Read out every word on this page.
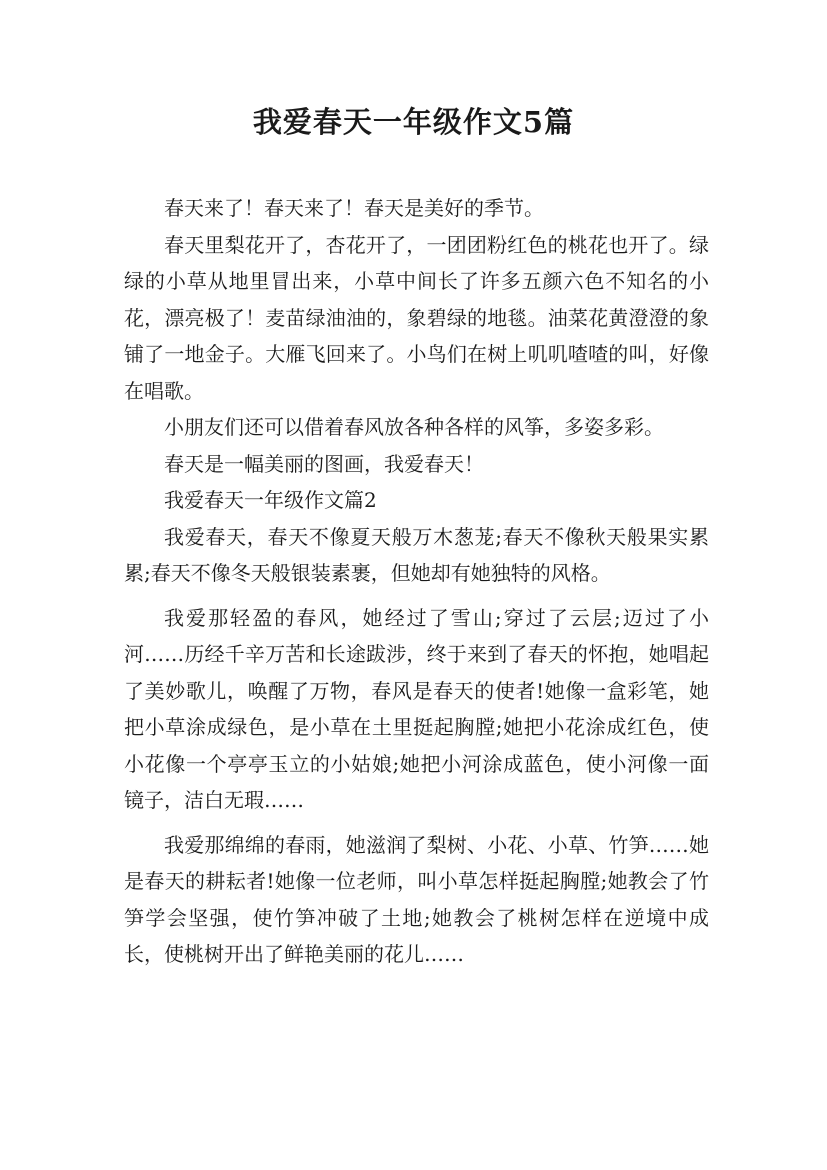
我爱春天一年级作文5篇

春天来了！春天来了！春天是美好的季节。

春天里梨花开了，杏花开了，一团团粉红色的桃花也开了。绿绿的小草从地里冒出来，小草中间长了许多五颜六色不知名的小花，漂亮极了！麦苗绿油油的，象碧绿的地毯。油菜花黄澄澄的象铺了一地金子。大雁飞回来了。小鸟们在树上叽叽喳喳的叫，好像在唱歌。

小朋友们还可以借着春风放各种各样的风筝，多姿多彩。

春天是一幅美丽的图画，我爱春天！

我爱春天一年级作文篇2

我爱春天，春天不像夏天般万木葱茏;春天不像秋天般果实累累;春天不像冬天般银装素裹，但她却有她独特的风格。

我爱那轻盈的春风，她经过了雪山;穿过了云层;迈过了小河……历经千辛万苦和长途跋涉，终于来到了春天的怀抱，她唱起了美妙歌儿，唤醒了万物，春风是春天的使者!她像一盒彩笔，她把小草涂成绿色，是小草在土里挺起胸膛;她把小花涂成红色，使小花像一个亭亭玉立的小姑娘;她把小河涂成蓝色，使小河像一面镜子，洁白无瑕……

我爱那绵绵的春雨，她滋润了梨树、小花、小草、竹笋……她是春天的耕耘者!她像一位老师，叫小草怎样挺起胸膛;她教会了竹笋学会坚强，使竹笋冲破了土地;她教会了桃树怎样在逆境中成长，使桃树开出了鲜艳美丽的花儿……
